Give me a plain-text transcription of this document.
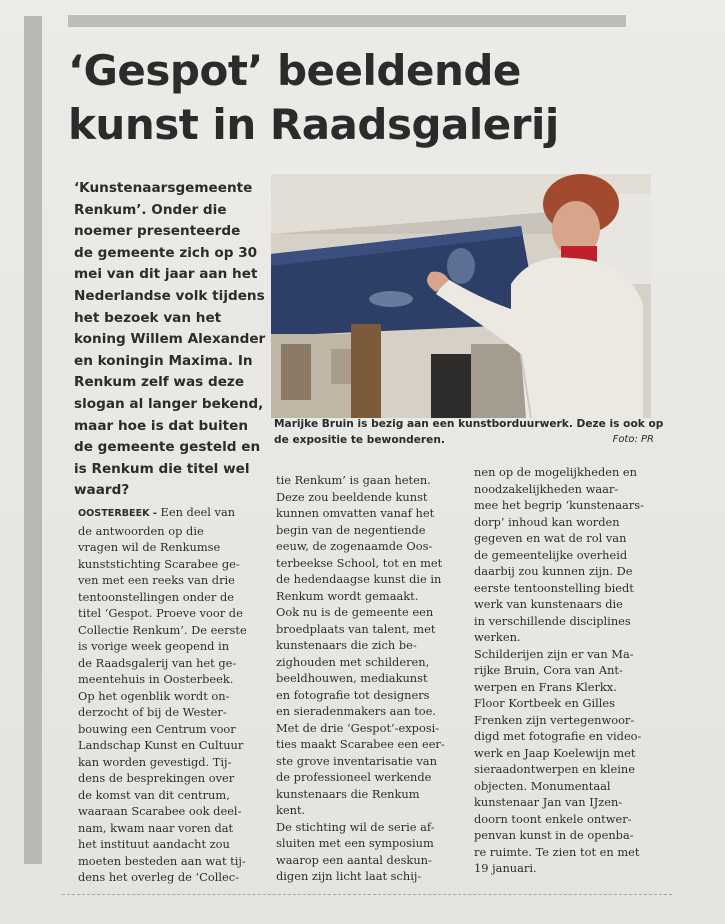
‘Gespot’ beeldende
kunst in Raadsgalerij
‘Kunstenaarsgemeente
Renkum’. Onder die
noemer presenteerde
de gemeente zich op 30
mei van dit jaar aan het
Nederlandse volk tijdens
het bezoek van het
koning Willem Alexander
en koningin Maxima. In
Renkum zelf was deze
slogan al langer bekend,
maar hoe is dat buiten
de gemeente gesteld en
is Renkum die titel wel
waard?
Marijke Bruin is bezig aan een kunstborduurwerk. Deze is ook op
de expositie te bewonderen.	Foto: PR
OOSTERBEEK - Een deel van
de antwoorden op die
vragen wil de Renkumse
kunststichting Scarabee ge-
ven met een reeks van drie
tentoonstellingen onder de
titel ‘Gespot. Proeve voor de
Collectie Renkum’. De eerste
is vorige week geopend in
de Raadsgalerij van het ge-
meentehuis in Oosterbeek.
Op het ogenblik wordt on-
derzocht of bij de Wester-
bouwing een Centrum voor
Landschap Kunst en Cultuur
kan worden gevestigd. Tij-
dens de besprekingen over
de komst van dit centrum,
waaraan Scarabee ook deel-
nam, kwam naar voren dat
het instituut aandacht zou
moeten besteden aan wat tij-
dens het overleg de ‘Collec-
tie Renkum’ is gaan heten.
Deze zou beeldende kunst
kunnen omvatten vanaf het
begin van de negentiende
eeuw, de zogenaamde Oos-
terbeekse School, tot en met
de hedendaagse kunst die in
Renkum wordt gemaakt.
Ook nu is de gemeente een
broedplaats van talent, met
kunstenaars die zich be-
zighouden met schilderen,
beeldhouwen, mediakunst
en fotografie tot designers
en sieradenmakers aan toe.
Met de drie ‘Gespot’-exposi-
ties maakt Scarabee een eer-
ste grove inventarisatie van
de professioneel werkende
kunstenaars die Renkum
kent.
De stichting wil de serie af-
sluiten met een symposium
waarop een aantal deskun-
digen zijn licht laat schij-
nen op de mogelijkheden en
noodzakelijkheden waar-
mee het begrip ‘kunstenaars-
dorp’ inhoud kan worden
gegeven en wat de rol van
de gemeentelijke overheid
daarbij zou kunnen zijn. De
eerste tentoonstelling biedt
werk van kunstenaars die
in verschillende disciplines
werken.
Schilderijen zijn er van Ma-
rijke Bruin, Cora van Ant-
werpen en Frans Klerkx.
Floor Kortbeek en Gilles
Frenken zijn vertegenwoor-
digd met fotografie en video-
werk en Jaap Koelewijn met
sieraadontwerpen en kleine
objecten. Monumentaal
kunstenaar Jan van IJzen-
doorn toont enkele ontwer-
penvan kunst in de openba-
re ruimte. Te zien tot en met
19 januari.
